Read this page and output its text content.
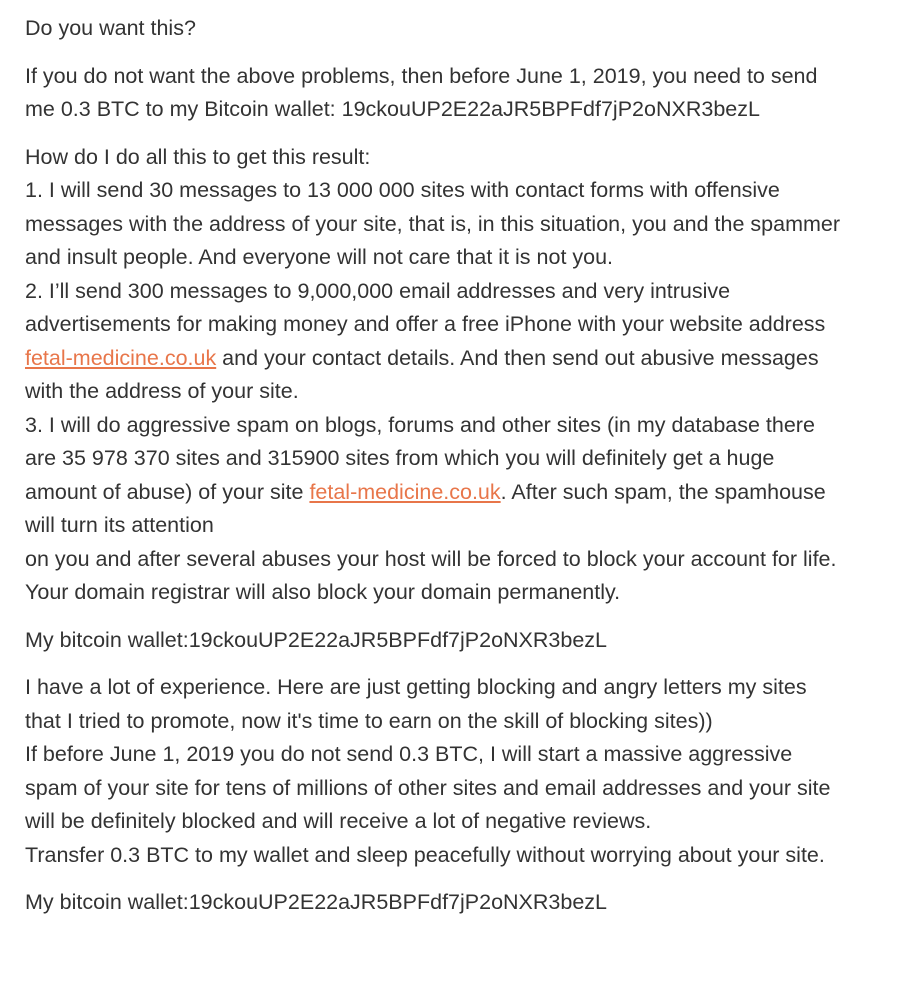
Do you want this?

If you do not want the above problems, then before June 1, 2019, you need to send

me 0.3 BTC to my Bitcoin wallet: 19ckouUP2E22aJR5BPFdf7jP2oNXR3bezL

How do I do all this to get this result:

1. I will send 30 messages to 13 000 000 sites with contact forms with offensive

messages with the address of your site, that is, in this situation, you and the spammer

and insult people. And everyone will not care that it is not you.

2. I’ll send 300 messages to 9,000,000 email addresses and very intrusive

advertisements for making money and offer a free iPhone with your website address

fetal-medicine.co.uk and your contact details. And then send out abusive messages

with the address of your site.

3. I will do aggressive spam on blogs, forums and other sites (in my database there

are 35 978 370 sites and 315900 sites from which you will definitely get a huge

amount of abuse) of your site fetal-medicine.co.uk. After such spam, the spamhouse

will turn its attention

on you and after several abuses your host will be forced to block your account for life.

Your domain registrar will also block your domain permanently.

My bitcoin wallet:19ckouUP2E22aJR5BPFdf7jP2oNXR3bezL

I have a lot of experience. Here are just getting blocking and angry letters my sites

that I tried to promote, now it's time to earn on the skill of blocking sites))

If before June 1, 2019 you do not send 0.3 BTC, I will start a massive aggressive

spam of your site for tens of millions of other sites and email addresses and your site

will be definitely blocked and will receive a lot of negative reviews.

Transfer 0.3 BTC to my wallet and sleep peacefully without worrying about your site.

My bitcoin wallet:19ckouUP2E22aJR5BPFdf7jP2oNXR3bezL
